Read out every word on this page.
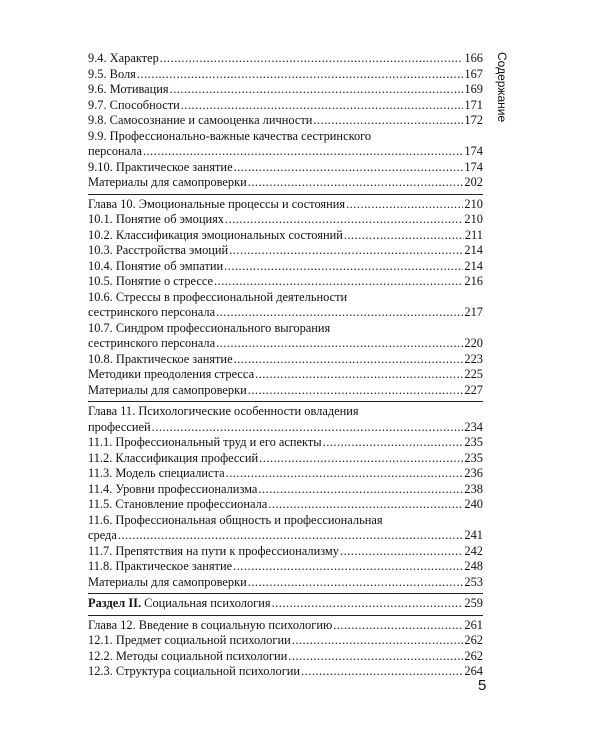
9.4. Характер .....	166
9.5. Воля .....	167
9.6. Мотивация .....	169
9.7. Способности .....	171
9.8. Самосознание и самооценка личности .....	172
9.9. Профессионально-важные качества сестринского
персонала .....	174
9.10. Практическое занятие .....	174
Материалы для самопроверки .....	202
Глава 10. Эмоциональные процессы и состояния .....	210
10.1. Понятие об эмоциях .....	210
10.2. Классификация эмоциональных состояний .....	211
10.3. Расстройства эмоций .....	214
10.4. Понятие об эмпатии .....	214
10.5. Понятие о стрессе .....	216
10.6. Стрессы в профессиональной деятельности
сестринского персонала .....	217
10.7. Синдром профессионального выгорания
сестринского персонала .....	220
10.8. Практическое занятие .....	223
Методики преодоления стресса .....	225
Материалы для самопроверки .....	227
Глава 11. Психологические особенности овладения
профессией .....	234
11.1. Профессиональный труд и его аспекты .....	235
11.2. Классификация профессий .....	235
11.3. Модель специалиста .....	236
11.4. Уровни профессионализма .....	238
11.5. Становление профессионала .....	240
11.6. Профессиональная общность и профессиональная
среда .....	241
11.7. Препятствия на пути к профессионализму .....	242
11.8. Практическое занятие .....	248
Материалы для самопроверки .....	253
Раздел II. Социальная психология .....	259
Глава 12. Введение в социальную психологию .....	261
12.1. Предмет социальной психологии .....	262
12.2. Методы социальной психологии .....	262
12.3. Структура социальной психологии .....	264
Содержание
5
